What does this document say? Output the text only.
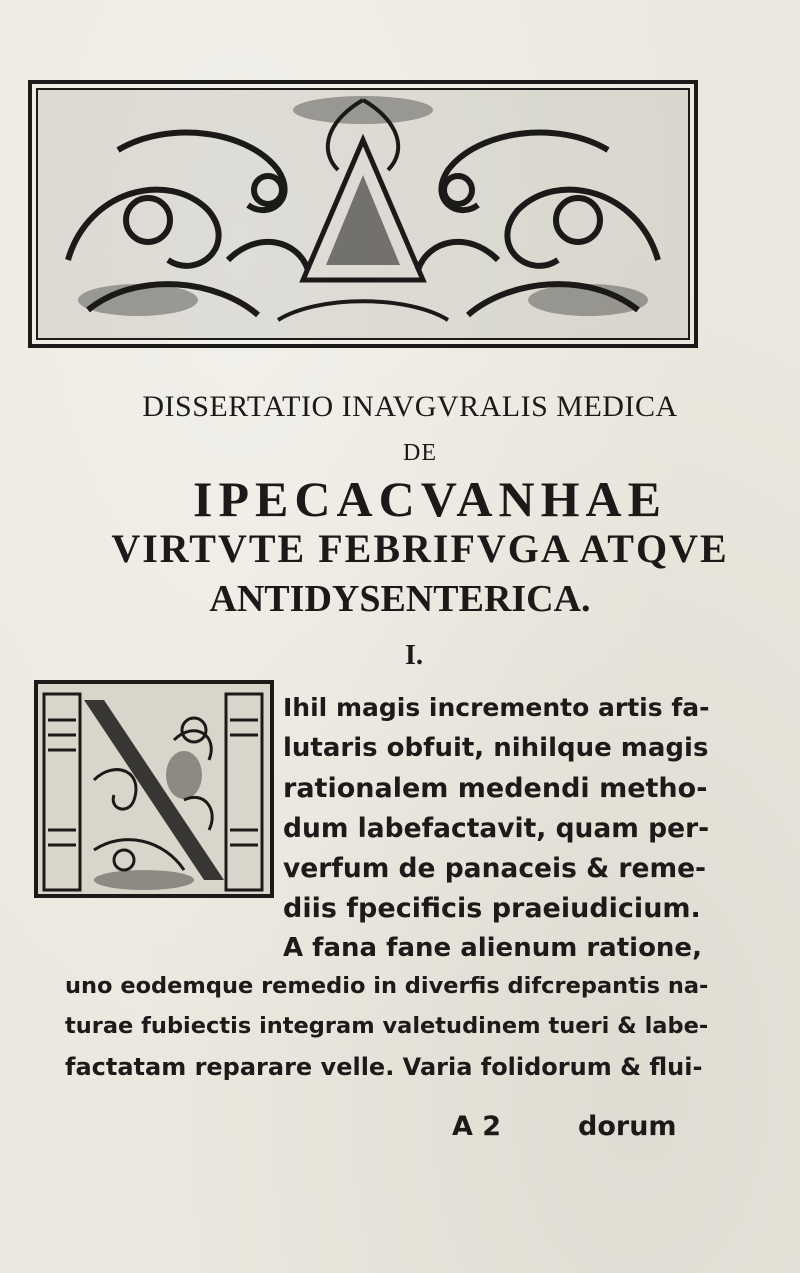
DISSERTATIO INAVGVRALIS MEDICA
DE
IPECACVANHAE
VIRTVTE FEBRIFVGA ATQVE
ANTIDYSENTERICA.
I.
Ihil magis incremento artis fa-
lutaris obfuit, nihilque magis
rationalem medendi metho-
dum labefactavit, quam per-
verfum de panaceis & reme-
diis fpecificis praeiudicium.
A fana fane alienum ratione,
uno eodemque remedio in diverfis difcrepantis na-
turae fubiectis integram valetudinem tueri & labe-
factatam reparare velle. Varia folidorum & flui-
A 2	dorum
